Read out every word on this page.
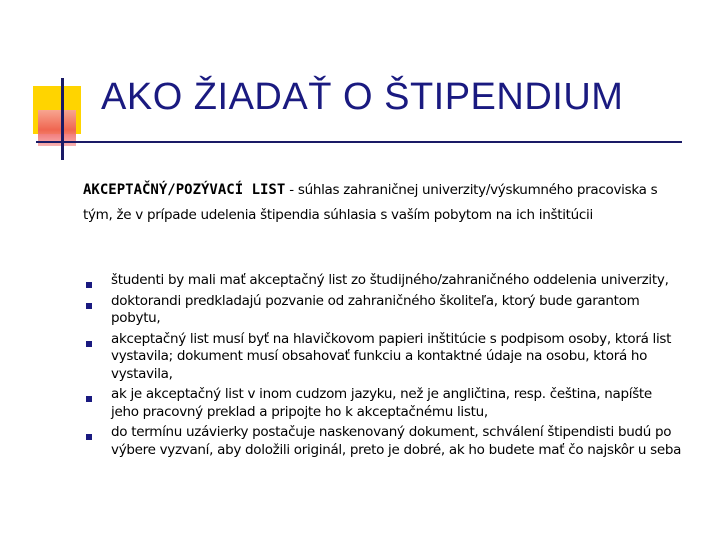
AKO ŽIADAŤ O ŠTIPENDIUM

AKCEPTAČNÝ/POZÝVACÍ LIST - súhlas zahraničnej univerzity/výskumného pracoviska s tým, že v prípade udelenia štipendia súhlasia s vaším pobytom na ich inštitúcii

študenti by mali mať akceptačný list zo študijného/zahraničného oddelenia univerzity,
doktorandi predkladajú pozvanie od zahraničného školiteľa, ktorý bude garantom pobytu,
akceptačný list musí byť na hlavičkovom papieri inštitúcie s podpisom osoby, ktorá list vystavila; dokument musí obsahovať funkciu a kontaktné údaje na osobu, ktorá ho vystavila,
ak je akceptačný list v inom cudzom jazyku, než je angličtina, resp. čeština, napíšte jeho pracovný preklad a pripojte ho k akceptačnému listu,
do termínu uzávierky postačuje naskenovaný dokument, schválení štipendisti budú po výbere vyzvaní, aby doložili originál, preto je dobré, ak ho budete mať čo najskôr u seba
